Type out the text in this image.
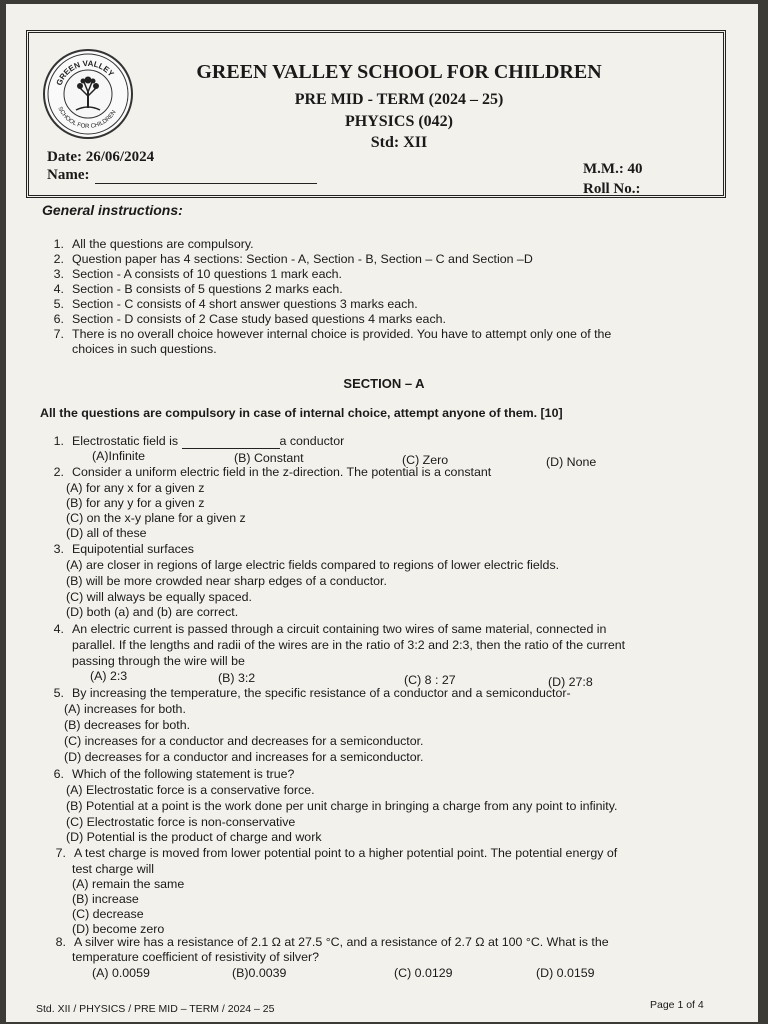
GREEN VALLEY
SCHOOL FOR CHILDREN
GREEN VALLEY SCHOOL FOR CHILDREN
PRE MID - TERM (2024 – 25)
PHYSICS (042)
Std: XII
Date: 26/06/2024
Name:	M.M.: 40
Roll No.:
General instructions:
1. All the questions are compulsory.
2. Question paper has 4 sections: Section - A, Section - B, Section – C and Section –D
3. Section - A consists of 10 questions 1 mark each.
4. Section - B consists of 5 questions 2 marks each.
5. Section - C consists of 4 short answer questions 3 marks each.
6. Section - D consists of 2 Case study based questions 4 marks each.
7. There is no overall choice however internal choice is provided. You have to attempt only one of the
choices in such questions.
SECTION – A
All the questions are compulsory in case of internal choice, attempt anyone of them. [10]
1. Electrostatic field is	a conductor
(A)Infinite	(B) Constant	(C) Zero	(D) None
2. Consider a uniform electric field in the z-direction. The potential is a constant
(A) for any x for a given z
(B) for any y for a given z
(C) on the x-y plane for a given z
(D) all of these
3. Equipotential surfaces
(A) are closer in regions of large electric fields compared to regions of lower electric fields.
(B) will be more crowded near sharp edges of a conductor.
(C) will always be equally spaced.
(D) both (a) and (b) are correct.
4. An electric current is passed through a circuit containing two wires of same material, connected in
parallel. If the lengths and radii of the wires are in the ratio of 3:2 and 2:3, then the ratio of the current
passing through the wire will be
(A) 2:3	(B) 3:2	(C) 8 : 27	(D) 27:8
5. By increasing the temperature, the specific resistance of a conductor and a semiconductor-
(A) increases for both.
(B) decreases for both.
(C) increases for a conductor and decreases for a semiconductor.
(D) decreases for a conductor and increases for a semiconductor.
6. Which of the following statement is true?
(A) Electrostatic force is a conservative force.
(B) Potential at a point is the work done per unit charge in bringing a charge from any point to infinity.
(C) Electrostatic force is non-conservative
(D) Potential is the product of charge and work
7. A test charge is moved from lower potential point to a higher potential point. The potential energy of
test charge will
(A) remain the same
(B) increase
(C) decrease
(D) become zero
8. A silver wire has a resistance of 2.1 Ω at 27.5 °C, and a resistance of 2.7 Ω at 100 °C. What is the
temperature coefficient of resistivity of silver?
(A) 0.0059	(B)0.0039	(C) 0.0129	(D) 0.0159
Std. XII / PHYSICS / PRE MID – TERM / 2024 – 25	Page 1 of 4
